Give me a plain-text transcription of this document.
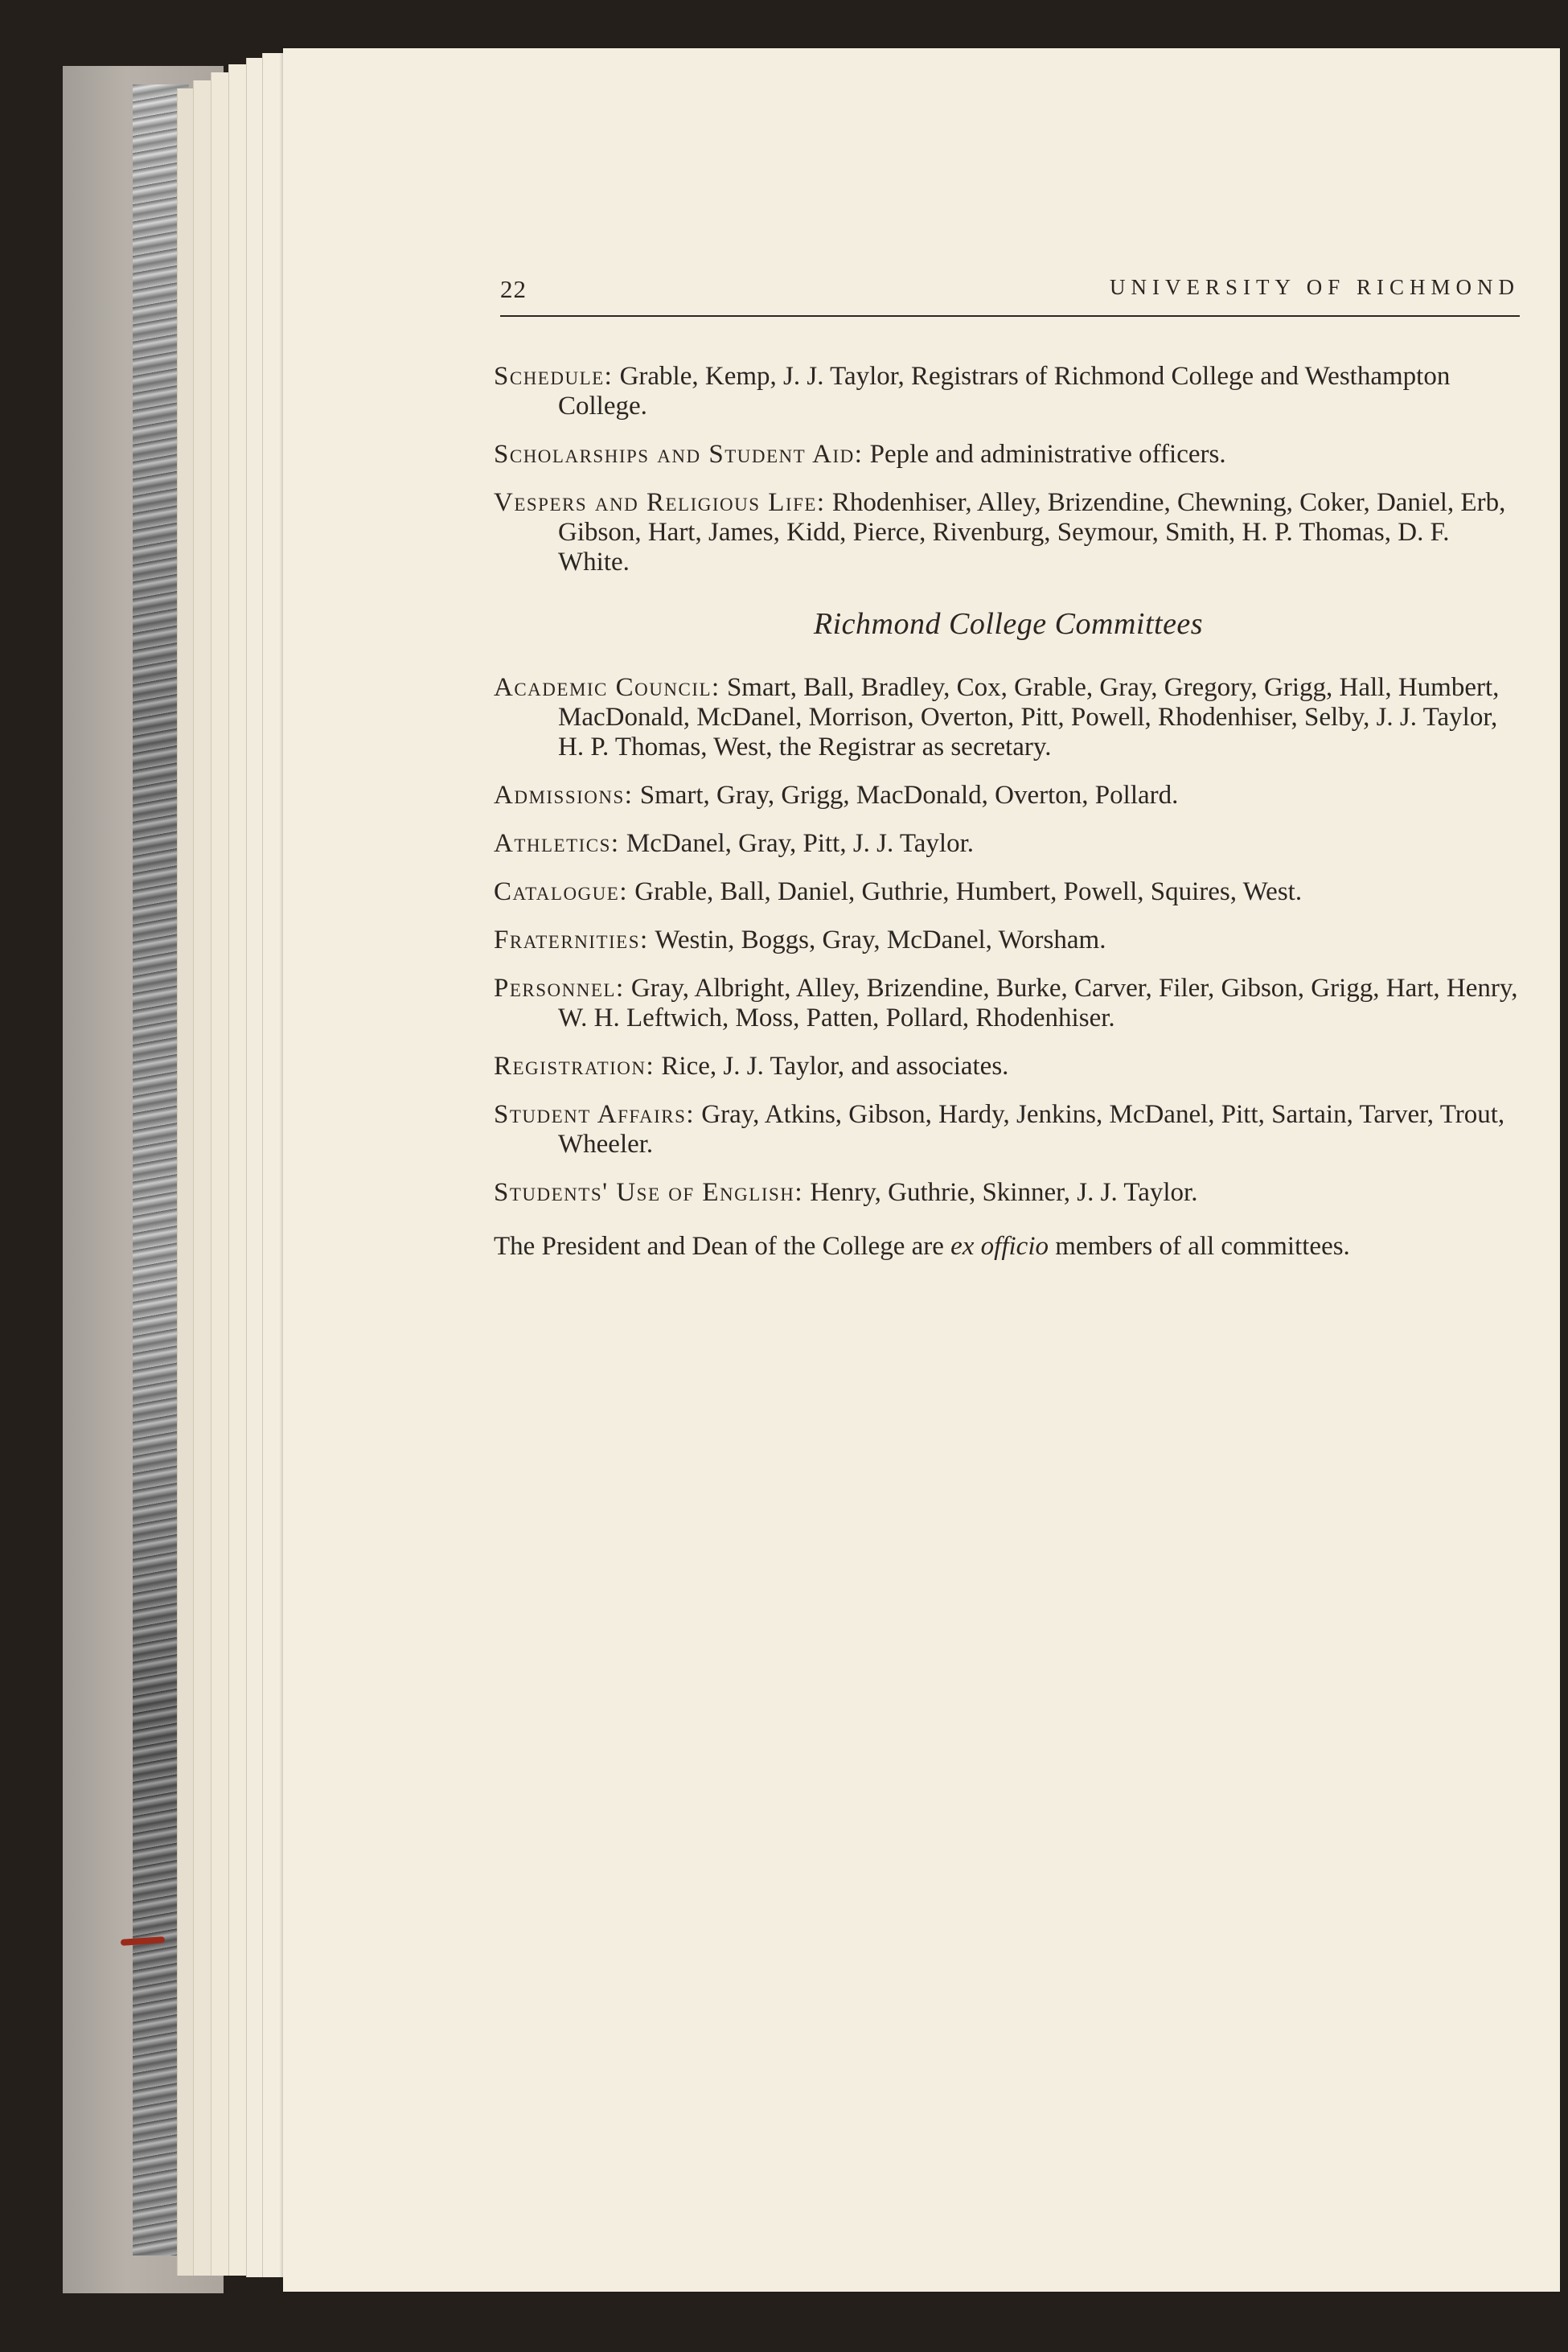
22	UNIVERSITY OF RICHMOND

Schedule: Grable, Kemp, J. J. Taylor, Registrars of Richmond College and Westhampton College.

Scholarships and Student Aid: Peple and administrative officers.

Vespers and Religious Life: Rhodenhiser, Alley, Brizendine, Chewning, Coker, Daniel, Erb, Gibson, Hart, James, Kidd, Pierce, Rivenburg, Seymour, Smith, H. P. Thomas, D. F. White.

Richmond College Committees

Academic Council: Smart, Ball, Bradley, Cox, Grable, Gray, Gregory, Grigg, Hall, Humbert, MacDonald, McDanel, Morrison, Overton, Pitt, Powell, Rhodenhiser, Selby, J. J. Taylor, H. P. Thomas, West, the Registrar as secretary.

Admissions: Smart, Gray, Grigg, MacDonald, Overton, Pollard.

Athletics: McDanel, Gray, Pitt, J. J. Taylor.

Catalogue: Grable, Ball, Daniel, Guthrie, Humbert, Powell, Squires, West.

Fraternities: Westin, Boggs, Gray, McDanel, Worsham.

Personnel: Gray, Albright, Alley, Brizendine, Burke, Carver, Filer, Gibson, Grigg, Hart, Henry, W. H. Leftwich, Moss, Patten, Pollard, Rhodenhiser.

Registration: Rice, J. J. Taylor, and associates.

Student Affairs: Gray, Atkins, Gibson, Hardy, Jenkins, McDanel, Pitt, Sartain, Tarver, Trout, Wheeler.

Students' Use of English: Henry, Guthrie, Skinner, J. J. Taylor.

The President and Dean of the College are ex officio members of all committees.
